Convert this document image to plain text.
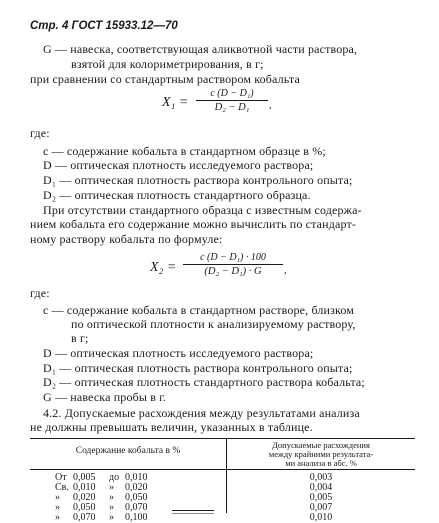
Стр. 4 ГОСТ 15933.12—70
G — навеска, соответствующая аликвотной части раствора,
взятой для колориметрирования, в г;
при сравнении со стандартным раствором кобальта
X₁ =
c (D − D₁)
D₂ − D₁	,
где:
c — содержание кобальта в стандартном образце в %;
D — оптическая плотность исследуемого раствора;
D₁ — оптическая плотность раствора контрольного опыта;
D₂ — оптическая плотность стандартного образца.
При отсутствии стандартного образца с известным содержа-
нием кобальта его содержание можно вычислить по стандарт-
ному раствору кобальта по формуле:
X₂ =
c (D − D₁) · 100
(D₂ − D₁) · G	,
где:
c — содержание кобальта в стандартном растворе, близком
по оптической плотности к анализируемому раствору,
в г;
D — оптическая плотность исследуемого раствора;
D₁ — оптическая плотность раствора контрольного опыта;
D₂ — оптическая плотность стандартного раствора кобальта;
G — навеска пробы в г.
4.2. Допускаемые расхождения между результатами анализа
не должны превышать величин, указанных в таблице.
Содержание кобальта в %
Допускаемые расхождения
между крайними результата-
ми анализа в абс. %
От 0,005 до 0,010
Св. 0,010 » 0,020
» 0,020 » 0,050
» 0,050 » 0,070
» 0,070 » 0,100
0,003
0,004
0,005
0,007
0,010
